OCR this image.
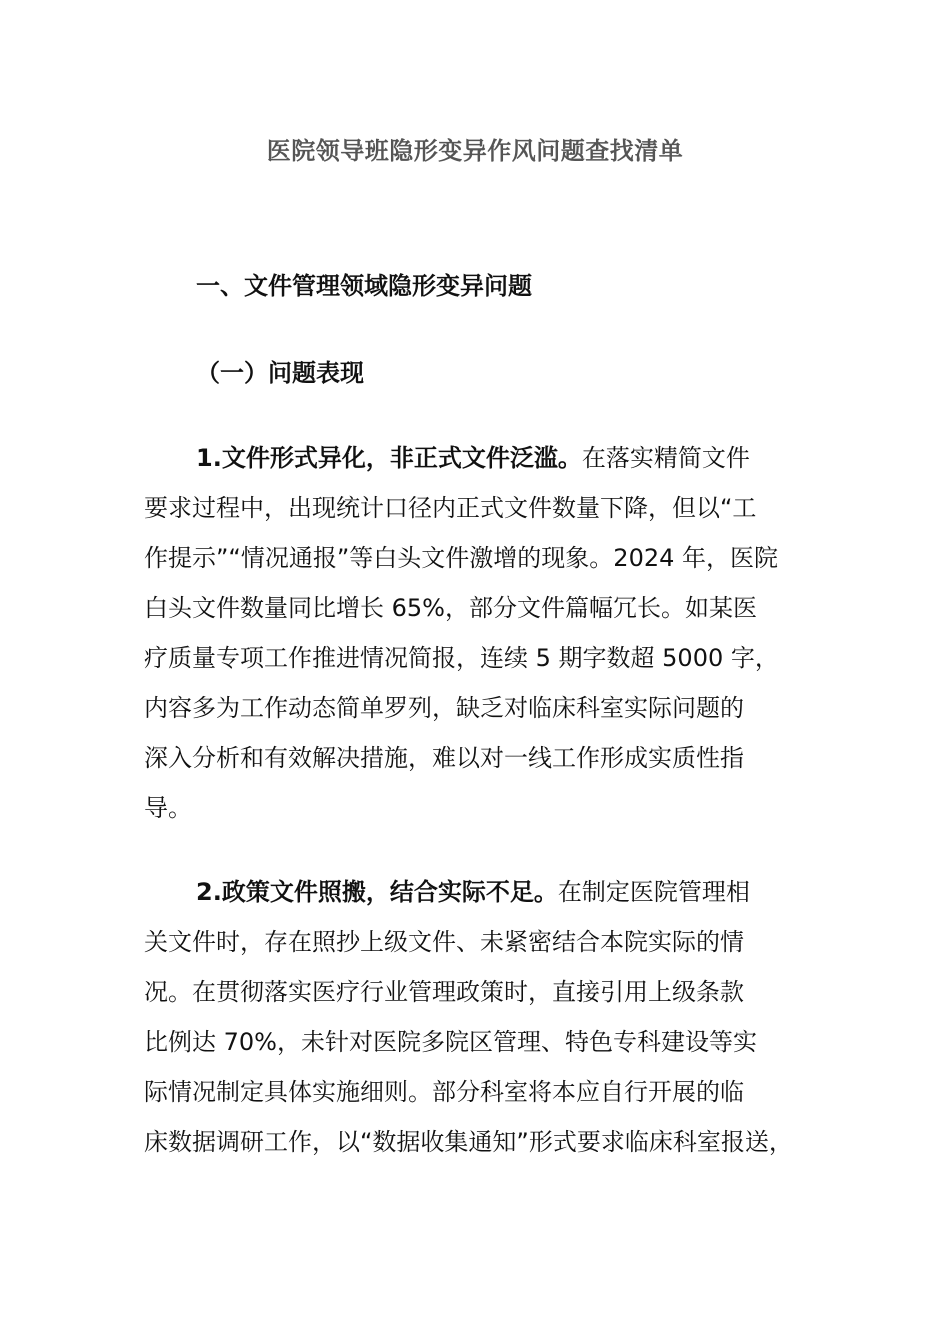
医院领导班隐形变异作风问题查找清单
一、文件管理领域隐形变异问题
（一）问题表现
1.文件形式异化，非正式文件泛滥。在落实精简文件
要求过程中，出现统计口径内正式文件数量下降，但以“工
作提示”“情况通报”等白头文件激增的现象。2024 年，医院
白头文件数量同比增长 65%，部分文件篇幅冗长。如某医
疗质量专项工作推进情况简报，连续 5 期字数超 5000 字，
内容多为工作动态简单罗列，缺乏对临床科室实际问题的
深入分析和有效解决措施，难以对一线工作形成实质性指
导。
2.政策文件照搬，结合实际不足。在制定医院管理相
关文件时，存在照抄上级文件、未紧密结合本院实际的情
况。在贯彻落实医疗行业管理政策时，直接引用上级条款
比例达 70%，未针对医院多院区管理、特色专科建设等实
际情况制定具体实施细则。部分科室将本应自行开展的临
床数据调研工作，以“数据收集通知”形式要求临床科室报送，
